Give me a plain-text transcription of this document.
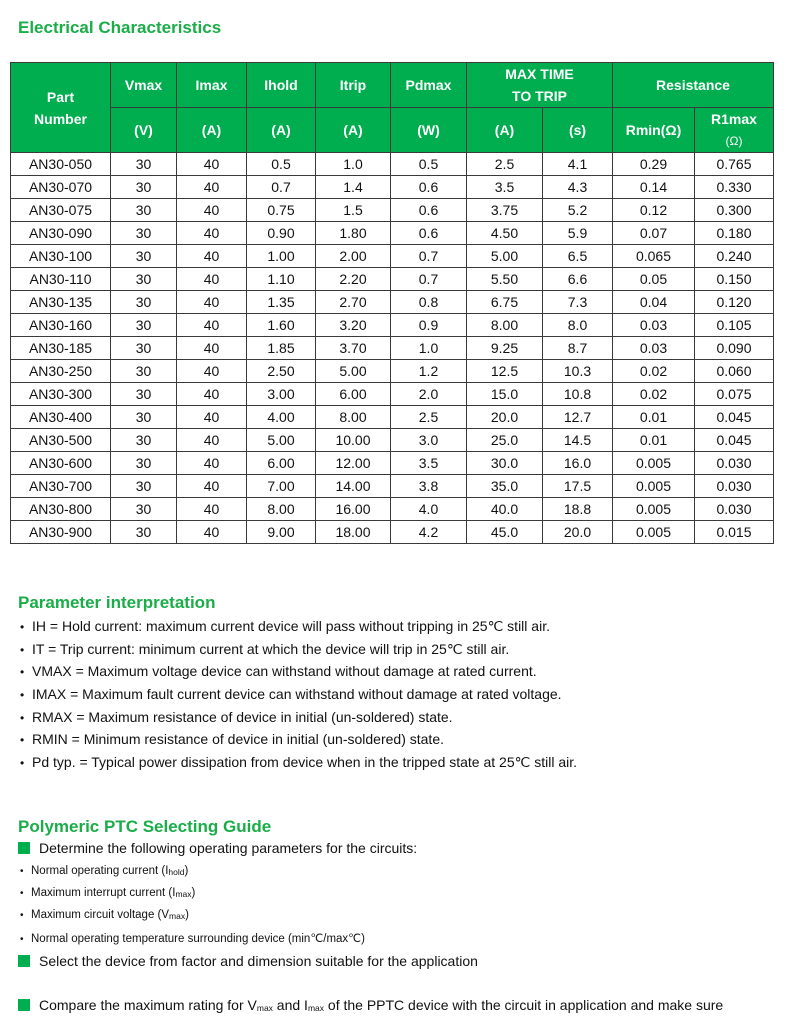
Electrical Characteristics
Part
Number	Vmax	Imax	Ihold	Itrip	Pdmax	MAX TIME TO TRIP		Resistance	
	(V)	(A)	(A)	(A)	(W)	(A)	(s)	Rmin(Ω)	R1max
(Ω)

AN30-050	30	40	0.5	1.0	0.5	2.5	4.1	0.29	0.765
AN30-070	30	40	0.7	1.4	0.6	3.5	4.3	0.14	0.330
AN30-075	30	40	0.75	1.5	0.6	3.75	5.2	0.12	0.300
AN30-090	30	40	0.90	1.80	0.6	4.50	5.9	0.07	0.180
AN30-100	30	40	1.00	2.00	0.7	5.00	6.5	0.065	0.240
AN30-110	30	40	1.10	2.20	0.7	5.50	6.6	0.05	0.150
AN30-135	30	40	1.35	2.70	0.8	6.75	7.3	0.04	0.120
AN30-160	30	40	1.60	3.20	0.9	8.00	8.0	0.03	0.105
AN30-185	30	40	1.85	3.70	1.0	9.25	8.7	0.03	0.090
AN30-250	30	40	2.50	5.00	1.2	12.5	10.3	0.02	0.060
AN30-300	30	40	3.00	6.00	2.0	15.0	10.8	0.02	0.075
AN30-400	30	40	4.00	8.00	2.5	20.0	12.7	0.01	0.045
AN30-500	30	40	5.00	10.00	3.0	25.0	14.5	0.01	0.045
AN30-600	30	40	6.00	12.00	3.5	30.0	16.0	0.005	0.030
AN30-700	30	40	7.00	14.00	3.8	35.0	17.5	0.005	0.030
AN30-800	30	40	8.00	16.00	4.0	40.0	18.8	0.005	0.030
AN30-900	30	40	9.00	18.00	4.2	45.0	20.0	0.005	0.015
Parameter interpretation
• IH = Hold current: maximum current device will pass without tripping in 25℃ still air.
• IT = Trip current: minimum current at which the device will trip in 25℃ still air.
• VMAX = Maximum voltage device can withstand without damage at rated current.
• IMAX = Maximum fault current device can withstand without damage at rated voltage.
• RMAX = Maximum resistance of device in initial (un-soldered) state.
• RMIN = Minimum resistance of device in initial (un-soldered) state.
• Pd typ. = Typical power dissipation from device when in the tripped state at 25℃ still air.
Polymeric PTC Selecting Guide
Determine the following operating parameters for the circuits:
• Normal operating current $(I_{hold})$
• Maximum interrupt current $(I_{max})$
• Maximum circuit voltage $(V_{max})$
• Normal operating temperature surrounding device (min℃/max℃)
Select the device from factor and dimension suitable for the application
Compare the maximum rating for $V_{max}$ and $I_{max}$ of the PPTC device with the circuit in application and make sure
